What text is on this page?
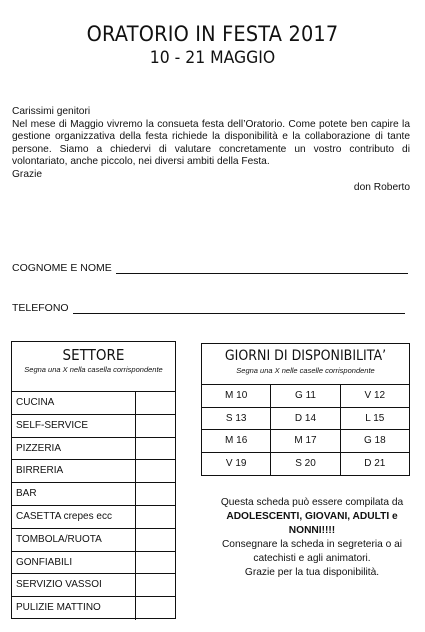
ORATORIO IN FESTA 2017
10 - 21 MAGGIO

Carissimi genitori

Nel mese di Maggio vivremo la consueta festa dell’Oratorio. Come potete ben capire la gestione organizzativa della festa richiede la disponibilità e la collaborazione di tante persone. Siamo a chiedervi di valutare concretamente un vostro contributo di volontariato, anche piccolo, nei diversi ambiti della Festa.

Grazie

don Roberto

COGNOME E NOME
TELEFONO
SETTORE
Segna una X nella casella corrispondente
CUCINA
SELF-SERVICE
PIZZERIA
BIRRERIA
BAR
CASETTA crepes ecc
TOMBOLA/RUOTA
GONFIABILI
SERVIZIO VASSOI
PULIZIE MATTINO
GIORNI DI DISPONIBILITA’
Segna una X nelle caselle corrispondente
M 10	G 11	V 12
S 13	D 14	L 15
M 16	M 17	G 18
V 19	S 20	D 21
Questa scheda può essere compilata da
ADOLESCENTI, GIOVANI, ADULTI e NONNI!!!!
Consegnare la scheda in segreteria o ai catechisti e agli animatori.
Grazie per la tua disponibilità.
